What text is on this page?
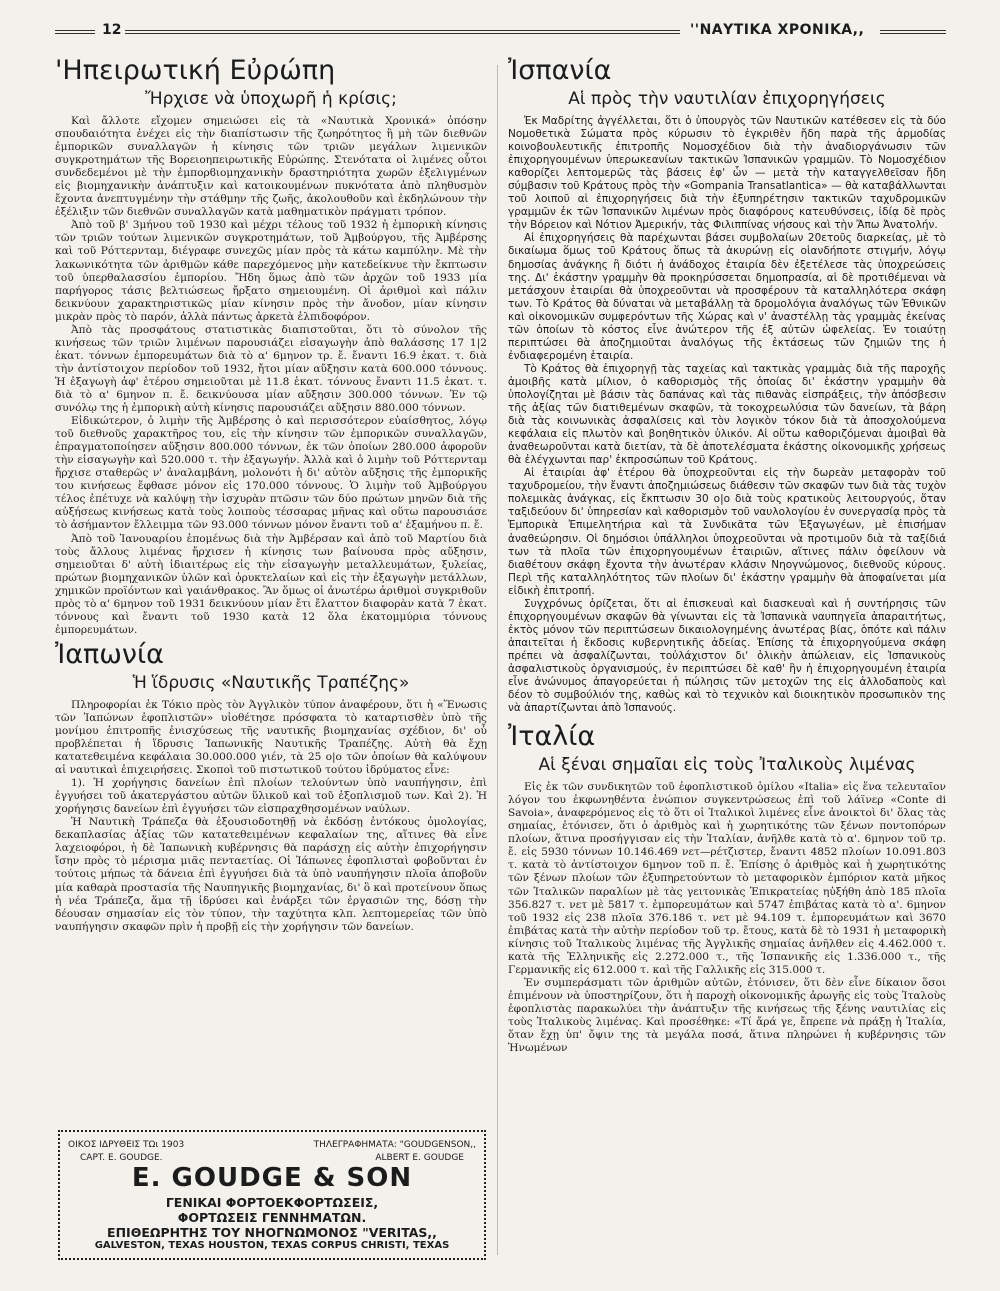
12	''ΝΑΥΤΙΚΑ ΧΡΟΝΙΚΑ,,
'Ηπειρωτική Εὐρώπη
Ἤρχισε νὰ ὑποχωρῆ ἡ κρίσις;

Καὶ ἄλλοτε εἴχομεν σημειώσει εἰς τὰ «Ναυτικὰ Χρονικά» ὁπόσην σπουδαιότητα ἐνέχει εἰς τὴν διαπίστωσιν τῆς ζωηρότητος ἢ μὴ τῶν διεθνῶν ἐμπορικῶν συναλλαγῶν ἡ κίνησις τῶν τριῶν μεγάλων λιμενικῶν συγκροτημάτων τῆς Βορειοηπειρωτικῆς Εὐρώπης. Στενότατα οἱ λιμένες οὗτοι συνδεδεμένοι μὲ τὴν ἐμπορϐιομηχανικὴν δραστηριότητα χωρῶν ἐξελιγμένων εἰς βιομηχανικὴν ἀνάπτυξιν καὶ κατοικουμένων πυκνότατα ἀπὸ πληθυσμὸν ἔχοντα ἀνεπτυγμένην τὴν στάθμην τῆς ζωῆς, ἀκολουθοῦν καὶ ἐκδηλώνουν τὴν ἐξέλιξιν τῶν διεθνῶν συναλλαγῶν κατὰ μαθηματικὸν πράγματι τρόπον.

Ἀπὸ τοῦ β' 3μήνου τοῦ 1930 καὶ μέχρι τέλους τοῦ 1932 ἡ ἐμπορικὴ κίνησις τῶν τριῶν τούτων λιμενικῶν συγκροτημάτων, τοῦ Ἀμβούργου, τῆς Ἀμβέρσης καὶ τοῦ Ρόττερνταμ, διέγραφε συνεχῶς μίαν πρὸς τὰ κάτω καμπύλην. Μὲ τὴν λακωνικότητα τῶν ἀριθμῶν κάθε παρεχόμενος μὴν κατεδείκνυε τὴν ἔκπτωσιν τοῦ ὑπερθαλασσίου ἐμπορίου. Ἤδη ὅμως ἀπὸ τῶν ἀρχῶν τοῦ 1933 μία παρήγορος τάσις βελτιώσεως ἤρξατο σημειουμένη. Οἱ ἀριθμοὶ καὶ πάλιν δεικνύουν χαρακτηριστικῶς μίαν κίνησιν πρὸς τὴν ἄνοδον, μίαν κίνησιν μικρὰν πρὸς τὸ παρόν, ἀλλὰ πάντως ἀρκετὰ ἐλπιδοφόρον.

Ἀπὸ τὰς προσφάτους στατιστικὰς διαπιστοῦται, ὅτι τὸ σύνολον τῆς κινήσεως τῶν τριῶν λιμένων παρουσιάζει εἰσαγωγὴν ἀπὸ θαλάσσης 17 1|2 ἑκατ. τόννων ἐμπορευμάτων διὰ τὸ α' 6μηνον τρ. ἔ. ἔναντι 16.9 ἑκατ. τ. διὰ τὴν ἀντίστοιχον περίοδον τοῦ 1932, ἤτοι μίαν αὔξησιν κατὰ 600.000 τόννους. Ἡ ἐξαγωγὴ ἀφ' ἑτέρου σημειοῦται μὲ 11.8 ἑκατ. τόννους ἔναντι 11.5 ἑκατ. τ. διὰ τὸ α' 6μηνον π. ἔ. δεικνύουσα μίαν αὔξησιν 300.000 τόννων. Ἐν τῷ συνόλῳ της ἡ ἐμπορικὴ αὐτὴ κίνησις παρουσιάζει αὔξησιν 880.000 τόννων.

Εἰδικώτερον, ὁ λιμὴν τῆς Ἀμβέρσης ὁ καὶ περισσότερον εὐαίσθητος, λόγῳ τοῦ διεθνοῦς χαρακτῆρος του, εἰς τὴν κίνησιν τῶν ἐμπορικῶν συναλλαγῶν, ἐπραγματοποίησεν αὔξησιν 800.000 τόννων, ἐκ τῶν ὁποίων 280.000 ἀφοροῦν τὴν εἰσαγωγὴν καὶ 520.000 τ. τὴν ἐξαγωγήν. Ἀλλὰ καὶ ὁ λιμὴν τοῦ Ρόττερνταμ ἤρχισε σταθερῶς ν' ἀναλαμβάνη, μολονότι ἡ δι' αὐτὸν αὔξησις τῆς ἐμπορικῆς του κινήσεως ἔφθασε μόνον εἰς 170.000 τόννους. Ὁ λιμὴν τοῦ Ἀμβούργου τέλος ἐπέτυχε νὰ καλύψῃ τὴν ἰσχυρὰν πτῶσιν τῶν δύο πρώτων μηνῶν διὰ τῆς αὐξήσεως κινήσεως κατὰ τοὺς λοιποὺς τέσσαρας μῆνας καὶ οὕτω παρουσιάσε τὸ ἀσήμαντον ἔλλειμμα τῶν 93.000 τόννων μόνον ἔναντι τοῦ α' ἑξαμήνου π. ἔ.

Ἀπὸ τοῦ Ἰανουαρίου ἑπομένως διὰ τὴν Ἀμβέρσαν καὶ ἀπὸ τοῦ Μαρτίου διὰ τοὺς ἄλλους λιμένας ἤρχισεν ἡ κίνησις των βαίνουσα πρὸς αὔξησιν, σημειοῦται δ' αὐτὴ ἰδιαιτέρως εἰς τὴν εἰσαγωγὴν μεταλλευμάτων, ξυλείας, πρώτων βιομηχανικῶν ὑλῶν καὶ ὀρυκτελαίων καὶ εἰς τὴν ἐξαγωγὴν μετάλλων, χημικῶν προϊόντων καὶ γαιάνθρακος. Ἂν ὅμως οἱ ἀνωτέρω ἀριθμοὶ συγκριθοῦν πρὸς τὸ α' 6μηνον τοῦ 1931 δεικνύουν μίαν ἔτι ἔλαττον διαφορὰν κατὰ 7 ἑκατ. τόννους καὶ ἔναντι τοῦ 1930 κατὰ 12 ὅλα ἑκατομμύρια τόννους ἐμπορευμάτων.

Ἰαπωνία
Ἡ ἵδρυσις «Ναυτικῆς Τραπέζης»

Πληροφορίαι ἐκ Τόκιο πρὸς τὸν Ἀγγλικὸν τύπον ἀναφέρουν, ὅτι ἡ «Ἕνωσις τῶν Ἰαπώνων ἐφοπλιστῶν» υἱοθέτησε πρόσφατα τὸ καταρτισθὲν ὑπὸ τῆς μονίμου ἐπιτροπῆς ἐνισχύσεως τῆς ναυτικῆς βιομηχανίας σχέδιον, δι' οὗ προβλέπεται ἡ ἵδρυσις Ἰαπωνικῆς Ναυτικῆς Τραπέζης. Αὐτὴ θὰ ἔχῃ κατατεθειμένα κεφάλαια 30.000.000 γιέν, τὰ 25 ο|ο τῶν ὁποίων θὰ καλύψουν αἱ ναυτικαὶ ἐπιχειρήσεις. Σκοποὶ τοῦ πιστωτικοῦ τούτου ἱδρύματος εἶνε:

1). Ἡ χορήγησις δανείων ἐπὶ πλοίων τελούντων ὑπὸ ναυπήγησιν, ἐπὶ ἐγγυήσει τοῦ ἀκατεργάστου αὐτῶν ὕλικοῦ καὶ τοῦ ἐξοπλισμοῦ των. Καὶ 2). Ἡ χορήγησις δανείων ἐπὶ ἐγγυήσει τῶν εἰσπραχθησομένων ναύλων.

Ἡ Ναυτικὴ Τράπεζα θὰ ἐξουσιοδοτηθῇ νὰ ἐκδόσῃ ἐντόκους ὁμολογίας, δεκαπλασίας ἀξίας τῶν κατατεθειμένων κεφαλαίων της, αἵτινες θὰ εἶνε λαχειοφόροι, ἡ δὲ Ἰαπωνικὴ κυβέρνησις θὰ παράσχῃ εἰς αὐτὴν ἐπιχορήγησιν ἴσην πρὸς τὸ μέρισμα μιᾶς πενταετίας. Οἱ Ἰάπωνες ἐφοπλισταὶ φοβοῦνται ἐν τούτοις μήπως τὰ δάνεια ἐπὶ ἐγγυήσει διὰ τὰ ὑπὸ ναυπήγησιν πλοῖα ἀποβοῦν μία καθαρὰ προστασία τῆς Ναυπηγικῆς βιομηχανίας, δι' ὃ καὶ προτείνουν ὅπως ἡ νέα Τράπεζα, ἅμα τῇ ἱδρύσει καὶ ἐνάρξει τῶν ἐργασιῶν της, δόσῃ τὴν δέουσαν σημασίαν εἰς τὸν τύπον, τὴν ταχύτητα κλπ. λεπτομερείας τῶν ὑπὸ ναυπήγησιν σκαφῶν πρὶν ἡ προβῇ εἰς τὴν χορήγησιν τῶν δανείων.

ΟΙΚΟΣ ΙΔΡΥΘΕΙΣ ΤΩι 1903	ΤΗΛΕΓΡΑΦΗΜΑΤΑ: "GOUDGENSON,,
CAPT. E. GOUDGE.	ALBERT E. GOUDGE
E. GOUDGE & SON
ΓΕΝΙΚΑΙ ΦΟΡΤΟΕΚΦΟΡΤΩΣΕΙΣ,
ΦΟΡΤΩΣΕΙΣ ΓΕΝΝΗΜΑΤΩΝ.
ΕΠΙΘΕΩΡΗΤΗΣ ΤΟΥ ΝΗΟΓΝΩΜΟΝΟΣ "VERITAS,,
GALVESTON, TEXAS HOUSTON, TEXAS CORPUS CHRISTI, TEXAS
Ἰσπανία
Αἱ πρὸς τὴν ναυτιλίαν ἐπιχορηγήσεις

Ἐκ Μαδρίτης ἀγγέλλεται, ὅτι ὁ ὑπουργὸς τῶν Ναυτικῶν κατέθεσεν εἰς τὰ δύο Νομοθετικὰ Σώματα πρὸς κύρωσιν τὸ ἐγκριθὲν ἤδη παρὰ τῆς ἁρμοδίας κοινοβουλευτικῆς ἐπιτροπῆς Νομοσχέδιον διὰ τὴν ἀναδιοργάνωσιν τῶν ἐπιχορηγουμένων ὑπερωκεανίων τακτικῶν Ἰσπανικῶν γραμμῶν. Τὸ Νομοσχέδιον καθορίζει λεπτομερῶς τὰς βάσεις ἐφ' ὧν — μετὰ τὴν καταγγελθεῖσαν ἤδη σύμβασιν τοῦ Κράτους πρὸς τὴν «Gompania Transatlantica» — θὰ καταβάλλωνται τοῦ λοιποῦ αἱ ἐπιχορηγήσεις διὰ τὴν ἐξυπηρέτησιν τακτικῶν ταχυδρομικῶν γραμμῶν ἐκ τῶν Ἰσπανικῶν λιμένων πρὸς διαφόρους κατευθύνσεις, ἰδίᾳ δὲ πρὸς τὴν Βόρειον καὶ Νότιον Ἀμερικήν, τὰς Φιλιππίνας νήσους καὶ τὴν Ἄπω Ἀνατολήν.

Αἱ ἐπιχορηγήσεις θὰ παρέχωνται βάσει συμβολαίων 20ετοῦς διαρκείας, μὲ τὸ δικαίωμα ὅμως τοῦ Κράτους ὅπως τὰ ἀκυρώνῃ εἰς οἱανδήποτε στιγμήν, λόγῳ δημοσίας ἀνάγκης ἢ διότι ἡ ἀνάδοχος ἑταιρία δὲν ἐξετέλεσε τὰς ὑποχρεώσεις της. Δι' ἑκάστην γραμμὴν θὰ προκηρύσσεται δημοπρασία, αἱ δὲ προτιθέμεναι νὰ μετάσχουν ἑταιρίαι θὰ ὑποχρεοῦνται νὰ προσφέρουν τὰ καταλληλότερα σκάφη των. Τὸ Κράτος θὰ δύναται νὰ μεταβάλλῃ τὰ δρομολόγια ἀναλόγως τῶν Ἐθνικῶν καὶ οἰκονομικῶν συμφερόντων τῆς Χώρας καὶ ν' ἀναστέλλῃ τὰς γραμμὰς ἐκείνας τῶν ὁποίων τὸ κόστος εἶνε ἀνώτερον τῆς ἐξ αὐτῶν ὠφελείας. Ἐν τοιαύτῃ περιπτώσει θὰ ἀποζημιοῦται ἀναλόγως τῆς ἐκτάσεως τῶν ζημιῶν της ἡ ἐνδιαφερομένη ἑταιρία.

Τὸ Κράτος θὰ ἐπιχορηγῇ τὰς ταχείας καὶ τακτικὰς γραμμὰς διὰ τῆς παροχῆς ἀμοιβῆς κατὰ μίλιον, ὁ καθορισμὸς τῆς ὁποίας δι' ἑκάστην γραμμὴν θὰ ὑπολογίζηται μὲ βάσιν τὰς δαπάνας καὶ τὰς πιθανὰς εἰσπράξεις, τὴν ἀπόσβεσιν τῆς ἀξίας τῶν διατιθεμένων σκαφῶν, τὰ τοκοχρεωλύσια τῶν δανείων, τὰ βάρη διὰ τὰς κοινωνικὰς ἀσφαλίσεις καὶ τὸν λογικὸν τόκον διὰ τὰ ἀποσχολούμενα κεφάλαια εἰς πλωτὸν καὶ βοηθητικὸν ὑλικόν. Αἱ οὕτω καθοριζόμεναι ἀμοιβαὶ θὰ ἀναθεωροῦνται κατὰ διετίαν, τὰ δὲ ἀποτελέσματα ἑκάστης οἰκονομικῆς χρήσεως θὰ ἐλέγχωνται παρ' ἐκπροσώπων τοῦ Κράτους.

Αἱ ἑταιρίαι ἀφ' ἑτέρου θὰ ὑποχρεοῦνται εἰς τὴν δωρεὰν μεταφορὰν τοῦ ταχυδρομείου, τὴν ἔναντι ἀποζημιώσεως διάθεσιν τῶν σκαφῶν των διὰ τὰς τυχὸν πολεμικὰς ἀνάγκας, εἰς ἔκπτωσιν 30 ο|ο διὰ τοὺς κρατικοὺς λειτουργούς, ὅταν ταξιδεύουν δι' ὑπηρεσίαν καὶ καθορισμὸν τοῦ ναυλολογίου ἐν συνεργασίᾳ πρὸς τὰ Ἐμπορικὰ Ἐπιμελητήρια καὶ τὰ Συνδικᾶτα τῶν Ἐξαγωγέων, μὲ ἐπισήμαν ἀναθεώρησιν. Οἱ δημόσιοι ὑπάλληλοι ὑποχρεοῦνται νὰ προτιμοῦν διὰ τὰ ταξίδιά των τὰ πλοῖα τῶν ἐπιχορηγουμένων ἑταιριῶν, αἵτινες πάλιν ὀφείλουν νὰ διαθέτουν σκάφη ἔχοντα τὴν ἀνωτέραν κλάσιν Νηογνώμονος, διεθνοῦς κύρους. Περὶ τῆς καταλληλότητος τῶν πλοίων δι' ἑκάστην γραμμὴν θὰ ἀποφαίνεται μία εἰδικὴ ἐπιτροπή.

Συγχρόνως ὁρίζεται, ὅτι αἱ ἐπισκευαὶ καὶ διασκευαὶ καὶ ἡ συντήρησις τῶν ἐπιχορηγουμένων σκαφῶν θὰ γίνωνται εἰς τὰ Ἰσπανικὰ ναυπηγεῖα ἀπαραιτήτως, ἐκτὸς μόνον τῶν περιπτώσεων δικαιολογημένης ἀνωτέρας βίας, ὁπότε καὶ πάλιν ἀπαιτεῖται ἡ ἔκδοσις κυβερνητικῆς ἀδείας. Ἐπίσης τὰ ἐπιχορηγούμενα σκάφη πρέπει νὰ ἀσφαλίζωνται, τοὐλάχιστον δι' ὁλικὴν ἀπώλειαν, εἰς Ἰσπανικοὺς ἀσφαλιστικοὺς ὀργανισμούς, ἐν περιπτώσει δὲ καθ' ἣν ἡ ἐπιχορηγουμένη ἑταιρία εἶνε ἀνώνυμος ἀπαγορεύεται ἡ πώλησις τῶν μετοχῶν της εἰς ἀλλοδαποὺς καὶ δέον τὸ συμβούλιόν της, καθὼς καὶ τὸ τεχνικὸν καὶ διοικητικὸν προσωπικὸν της νὰ ἀπαρτίζωνται ἀπὸ Ἰσπανούς.

Ἰταλία
Αἱ ξέναι σημαῖαι εἰς τοὺς Ἰταλικοὺς λιμένας

Εἰς ἐκ τῶν συνδικητῶν τοῦ ἐφοπλιστικοῦ ὁμίλου «Italia» εἰς ἕνα τελευταῖον λόγον του ἐκφωνηθέντα ἐνώπιον συγκεντρώσεως ἐπὶ τοῦ λάϊνερ «Conte di Savoia», ἀναφερόμενος εἰς τὸ ὅτι οἱ Ἰταλικοὶ λιμένες εἶνε ἀνοικτοὶ δι' ὅλας τὰς σημαίας, ἐτόνισεν, ὅτι ὁ ἀριθμὸς καὶ ἡ χωρητικότης τῶν ξένων ποντοπόρων πλοίων, ἅτινα προσήγγισαν εἰς τὴν Ἰταλίαν, ἀνῆλθε κατὰ τὸ α'. 6μηνον τοῦ τρ. ἔ. εἰς 5930 τόννων 10.146.469 νετ—ρέτζιστερ, ἔναντι 4852 πλοίων 10.091.803 τ. κατὰ τὸ ἀντίστοιχον 6μηνον τοῦ π. ἔ. Ἐπίσης ὁ ἀριθμὸς καὶ ἡ χωρητικότης τῶν ξένων πλοίων τῶν ἐξυπηρετούντων τὸ μεταφορικὸν ἐμπόριον κατὰ μῆκος τῶν Ἰταλικῶν παραλίων μὲ τὰς γειτονικὰς Ἐπικρατείας ηὐξήθη ἀπὸ 185 πλοῖα 356.827 τ. νετ μὲ 5817 τ. ἐμπορευμάτων καὶ 5747 ἐπιβάτας κατὰ τὸ α'. 6μηνον τοῦ 1932 εἰς 238 πλοῖα 376.186 τ. νετ μὲ 94.109 τ. ἐμπορευμάτων καὶ 3670 ἐπιβάτας κατὰ τὴν αὐτὴν περίοδον τοῦ τρ. ἔτους, κατὰ δὲ τὸ 1931 ἡ μεταφορικὴ κίνησις τοῦ Ἰταλικοὺς λιμένας τῆς Ἀγγλικῆς σημαίας ἀνῆλθεν εἰς 4.462.000 τ. κατὰ τῆς Ἑλληνικῆς εἰς 2.272.000 τ., τῆς Ἰσπανικῆς εἰς 1.336.000 τ., τῆς Γερμανικῆς εἰς 612.000 τ. καὶ τῆς Γαλλικῆς εἰς 315.000 τ.

Ἐν συμπεράσματι τῶν ἀριθμῶν αὐτῶν, ἐτόνισεν, ὅτι δὲν εἶνε δίκαιον ὅσοι ἐπιμένουν νὰ ὑποστηρίζουν, ὅτι ἡ παροχὴ οἰκονομικῆς ἀρωγῆς εἰς τοὺς Ἰταλοὺς ἐφοπλιστὰς παρακωλύει τὴν ἀνάπτυξιν τῆς κινήσεως τῆς ξένης ναυτιλίας εἰς τοὺς Ἰταλικοὺς λιμένας. Καὶ προσέθηκε: «Τί ἄρά γε, ἔπρεπε νὰ πράξῃ ἡ Ἰταλία, ὅταν ἔχῃ ὑπ' ὄψιν της τὰ μεγάλα ποσά, ἅτινα πληρώνει ἡ κυβέρνησις τῶν Ἡνωμένων
